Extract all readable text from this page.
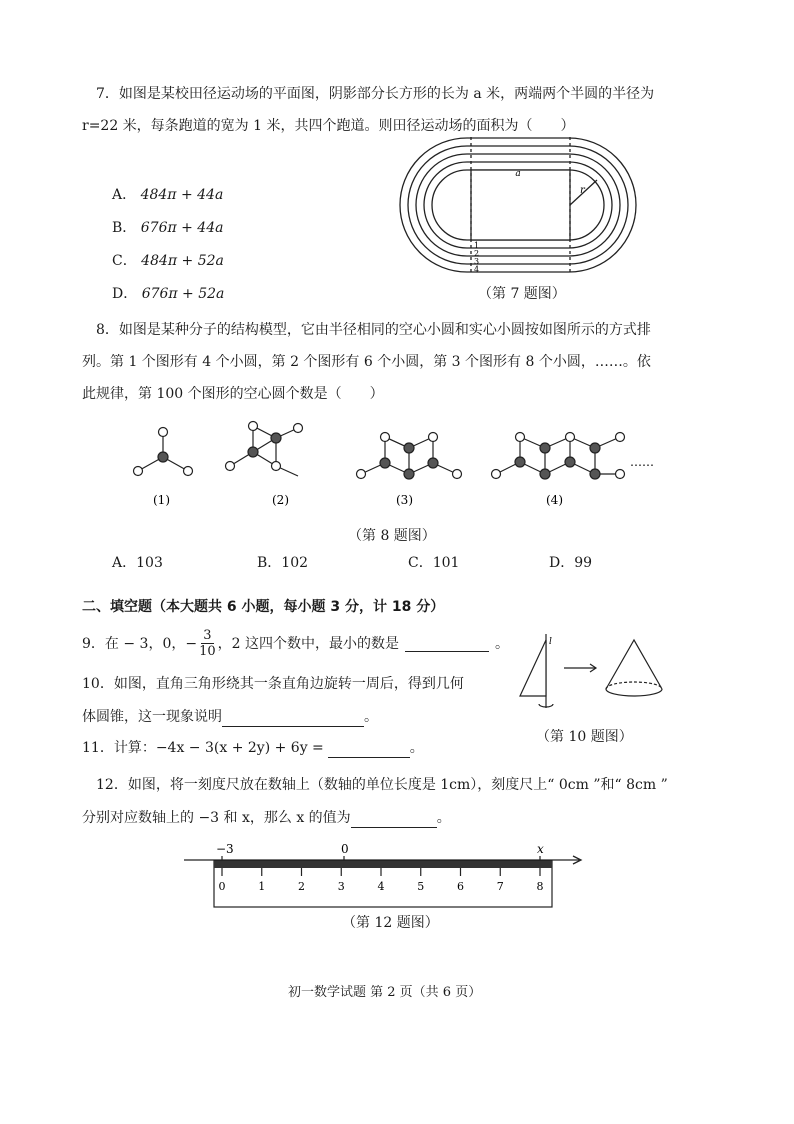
7．如图是某校田径运动场的平面图，阴影部分长方形的长为 a 米，两端两个半圆的半径为
r=22 米，每条跑道的宽为 1 米，共四个跑道。则田径运动场的面积为（　　）
A． 484π + 44a
B． 676π + 44a
C． 484π + 52a
D． 676π + 52a
a
r
1
2
3
4
（第 7 题图）
8．如图是某种分子的结构模型，它由半径相同的空心小圆和实心小圆按如图所示的方式排
列。第 1 个图形有 4 个小圆，第 2 个图形有 6 个小圆，第 3 个图形有 8 个小圆，……。依
此规律，第 100 个图形的空心圆个数是（　　）
……
(1)	(2)	(3)	(4)
（第 8 题图）
A．103	B．102	C．101	D．99
二、填空题（本大题共 6 小题，每小题 3 分，计 18 分）
9．在 − 3，0，− $\frac{3}{10}$ ，2 这四个数中，最小的数是	。
10．如图，直角三角形绕其一条直角边旋转一周后，得到几何
体圆锥，这一现象说明	。
l
（第 10 题图）
11．计算：−4x − 3(x + 2y) + 6y =	。
12．如图，将一刻度尺放在数轴上（数轴的单位长度是 1cm），刻度尺上“ 0cm ”和“ 8cm ”
分别对应数轴上的 −3 和 x，那么 x 的值为	。
−3	0	x
0	1	2	3	4	5	6	7	8
（第 12 题图）
初一数学试题 第 2 页（共 6 页）
